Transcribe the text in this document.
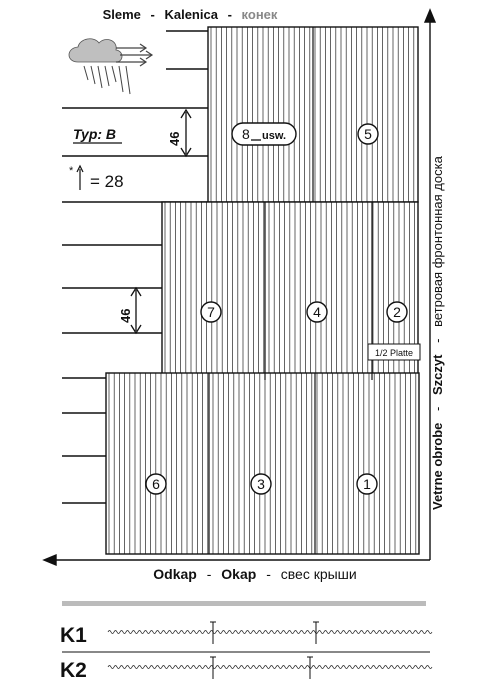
Sleme - Kalenica - конек
Vetrne obrobe - Szczyt - ветровая фронтонная доска
Odkap - Okap - свес крыши
Typ: B	46
46
*
= 28
1
2
3
4
5
6
7
8 usw.
1/2 Platte
K1
K2
